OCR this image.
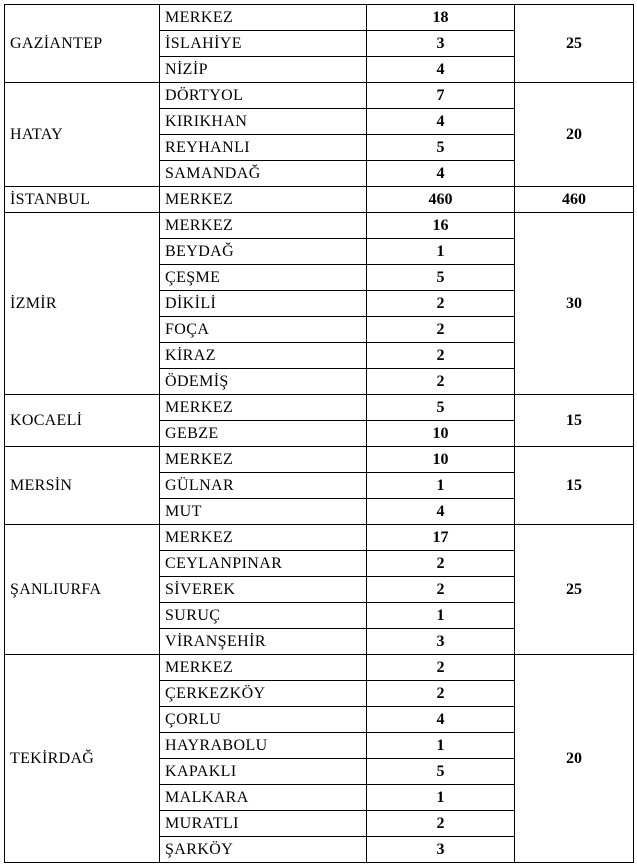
GAZİANTEP	MERKEZ	18	25
	İSLAHİYE	3	
	NİZİP	4	
HATAY	DÖRTYOL	7	20
	KIRIKHAN	4	
	REYHANLI	5	
	SAMANDAĞ	4	
İSTANBUL	MERKEZ	460	460
İZMİR	MERKEZ	16	30
	BEYDAĞ	1	
	ÇEŞME	5	
	DİKİLİ	2	
	FOÇA	2	
	KİRAZ	2	
	ÖDEMİŞ	2	
KOCAELİ	MERKEZ	5	15
	GEBZE	10	
MERSİN	MERKEZ	10	15
	GÜLNAR	1	
	MUT	4	
ŞANLIURFA	MERKEZ	17	25
	CEYLANPINAR	2	
	SİVEREK	2	
	SURUÇ	1	
	VİRANŞEHİR	3	
TEKİRDAĞ	MERKEZ	2	20
	ÇERKEZKÖY	2	
	ÇORLU	4	
	HAYRABOLU	1	
	KAPAKLI	5	
	MALKARA	1	
	MURATLI	2	
	ŞARKÖY	3	
